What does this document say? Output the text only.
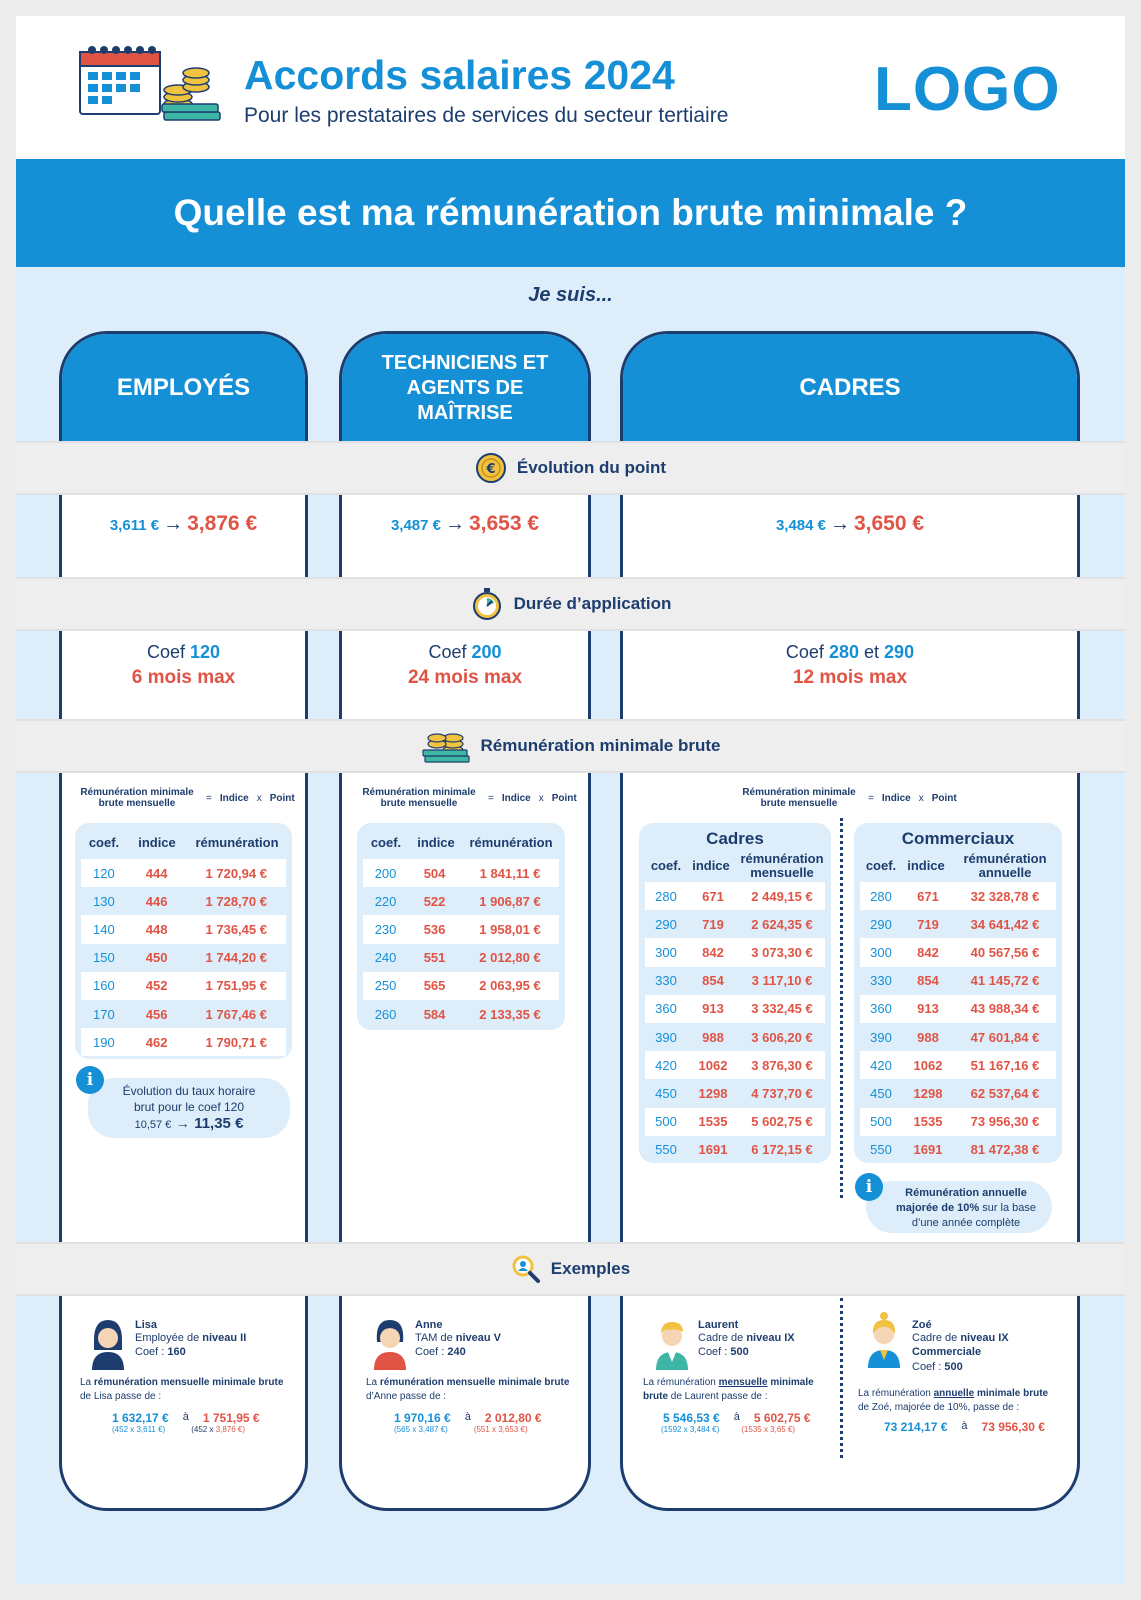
Accords salaires 2024
Pour les prestataires de services du secteur tertiaire LOGO
Quelle est ma rémunération brute minimale ?
Je suis...
EMPLOYÉS
TECHNICIENS ET AGENTS DE MAÎTRISE
CADRES
€ Évolution du point
3,611 € → 3,876 €	3,487 € → 3,653 €	3,484 € → 3,650 €
Durée d’application
Coef 120
6 mois max
Coef 200
24 mois max
Coef 280 et 290
12 mois max
Rémunération minimale brute
Rémunération minimale brute mensuelle	= Indice x Point	Rémunération minimale brute mensuelle	= Indice x Point	Rémunération minimale brute mensuelle	= Indice x Point
coef.	indice	rémunération
120	444	1 720,94 €
130	446	1 728,70 €
140	448	1 736,45 €
150	450	1 744,20 €
160	452	1 751,95 €
170	456	1 767,46 €
190	462	1 790,71 €
coef.	indice	rémunération
200	504	1 841,11 €
220	522	1 906,87 €
230	536	1 958,01 €
240	551	2 012,80 €
250	565	2 063,95 €
260	584	2 133,35 €
Cadres
coef. indice rémunération mensuelle
280	671	2 449,15 €
290	719	2 624,35 €
300	842	3 073,30 €
330	854	3 117,10 €
360	913	3 332,45 €
390	988	3 606,20 €
420	1062	3 876,30 €
450	1298	4 737,70 €
500	1535	5 602,75 €
550	1691	6 172,15 €
Commerciaux
coef. indice	rémunération annuelle
280	671	32 328,78 €
290	719	34 641,42 €
300	842	40 567,56 €
330	854	41 145,72 €
360	913	43 988,34 €
390	988	47 601,84 €
420	1062	51 167,16 €
450	1298	62 537,64 €
500	1535	73 956,30 €
550	1691	81 472,38 €
i
Évolution du taux horaire
brut pour le coef 120
10,57 € → 11,35 €
i	Rémunération annuelle majorée de 10% sur la base d’une année complète
Exemples
Lisa
Employée de niveau II
Coef : 160
La rémunération mensuelle minimale brute de Lisa passe de :
1 632,17 € à 1 751,95 €
(452 x 3,611 €)	(452 x 3,876 €)
Anne
TAM de niveau V
Coef : 240
La rémunération mensuelle minimale brute d’Anne passe de :
1 970,16 € à 2 012,80 €
(565 x 3,487 €)	(551 x 3,653 €)
Laurent
Cadre de niveau IX
Coef : 500
La rémunération mensuelle minimale brute de Laurent passe de :
5 546,53 € à 5 602,75 €
(1592 x 3,484 €)	(1535 x 3,65 €)
Zoé
Cadre de niveau IX
Commerciale
Coef : 500
La rémunération annuelle minimale brute de Zoé, majorée de 10%, passe de :
73 214,17 € à 73 956,30 €
